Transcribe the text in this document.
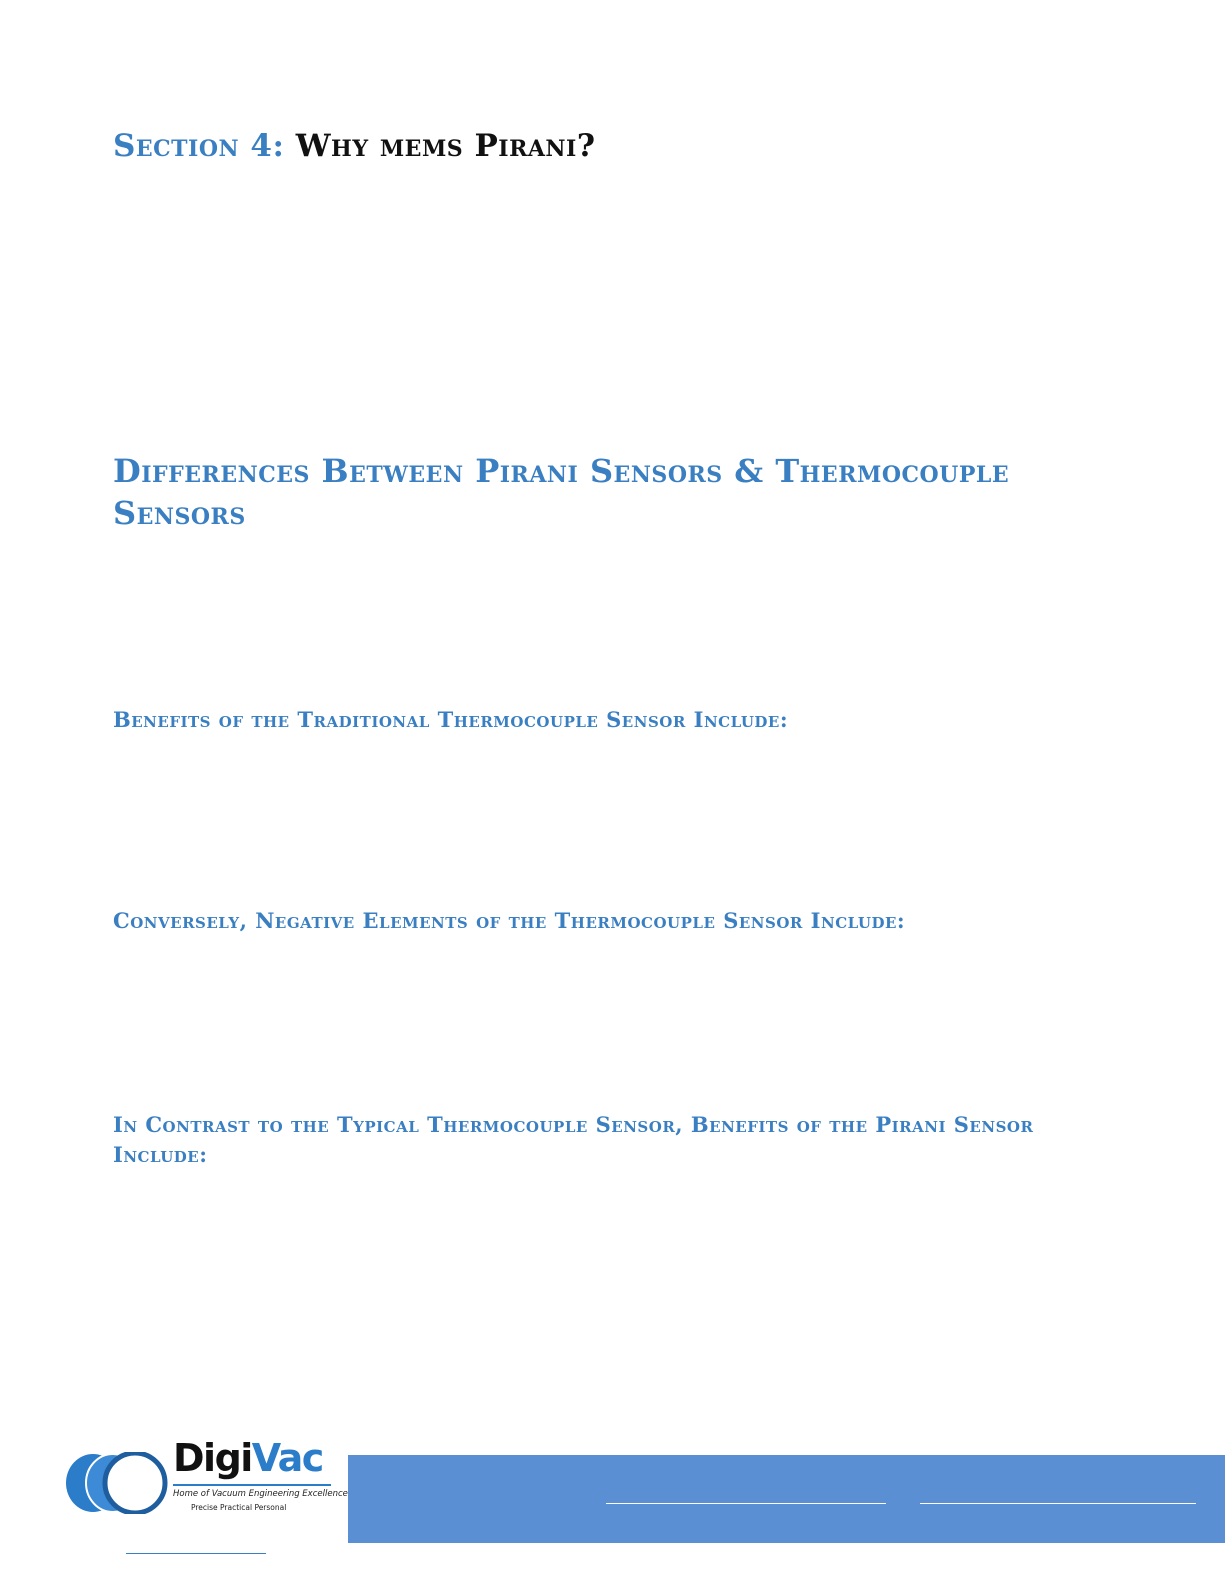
Section 4: Why mems Pirani?
Differences Between Pirani Sensors & Thermocouple Sensors
Benefits of the Traditional Thermocouple Sensor Include:
Conversely, Negative Elements of the Thermocouple Sensor Include:
In Contrast to the Typical Thermocouple Sensor, Benefits of the Pirani Sensor Include:
DigiVac
Home of Vacuum Engineering Excellence
Precise Practical Personal
